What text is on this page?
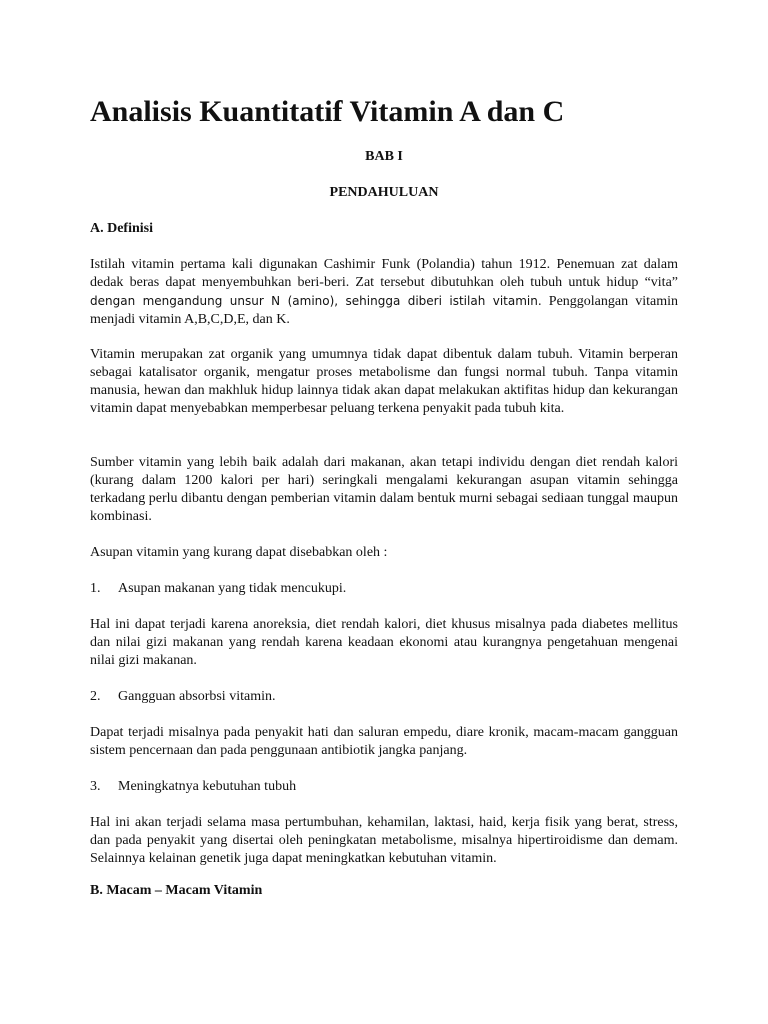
Analisis Kuantitatif Vitamin A dan C

BAB I

PENDAHULUAN

A. Definisi

Istilah vitamin pertama kali digunakan Cashimir Funk (Polandia) tahun 1912. Penemuan zat dalam dedak beras dapat menyembuhkan beri-beri. Zat tersebut dibutuhkan oleh tubuh untuk hidup “vita” dengan mengandung unsur N (amino), sehingga diberi istilah vitamin. Penggolangan vitamin menjadi vitamin A,B,C,D,E, dan K.

Vitamin merupakan zat organik yang umumnya tidak dapat dibentuk dalam tubuh. Vitamin berperan sebagai katalisator organik, mengatur proses metabolisme dan fungsi normal tubuh. Tanpa vitamin manusia, hewan dan makhluk hidup lainnya tidak akan dapat melakukan aktifitas hidup dan kekurangan vitamin dapat menyebabkan memperbesar peluang terkena penyakit pada tubuh kita.

Sumber vitamin yang lebih baik adalah dari makanan, akan tetapi individu dengan diet rendah kalori (kurang dalam 1200 kalori per hari) seringkali mengalami kekurangan asupan vitamin sehingga terkadang perlu dibantu dengan pemberian vitamin dalam bentuk murni sebagai sediaan tunggal maupun kombinasi.

Asupan vitamin yang kurang dapat disebabkan oleh :

1. Asupan makanan yang tidak mencukupi.

Hal ini dapat terjadi karena anoreksia, diet rendah kalori, diet khusus misalnya pada diabetes mellitus dan nilai gizi makanan yang rendah karena keadaan ekonomi atau kurangnya pengetahuan mengenai nilai gizi makanan.

2. Gangguan absorbsi vitamin.

Dapat terjadi misalnya pada penyakit hati dan saluran empedu, diare kronik, macam-macam gangguan sistem pencernaan dan pada penggunaan antibiotik jangka panjang.

3. Meningkatnya kebutuhan tubuh

Hal ini akan terjadi selama masa pertumbuhan, kehamilan, laktasi, haid, kerja fisik yang berat, stress, dan pada penyakit yang disertai oleh peningkatan metabolisme, misalnya hipertiroidisme dan demam. Selainnya kelainan genetik juga dapat meningkatkan kebutuhan vitamin.

B. Macam – Macam Vitamin
